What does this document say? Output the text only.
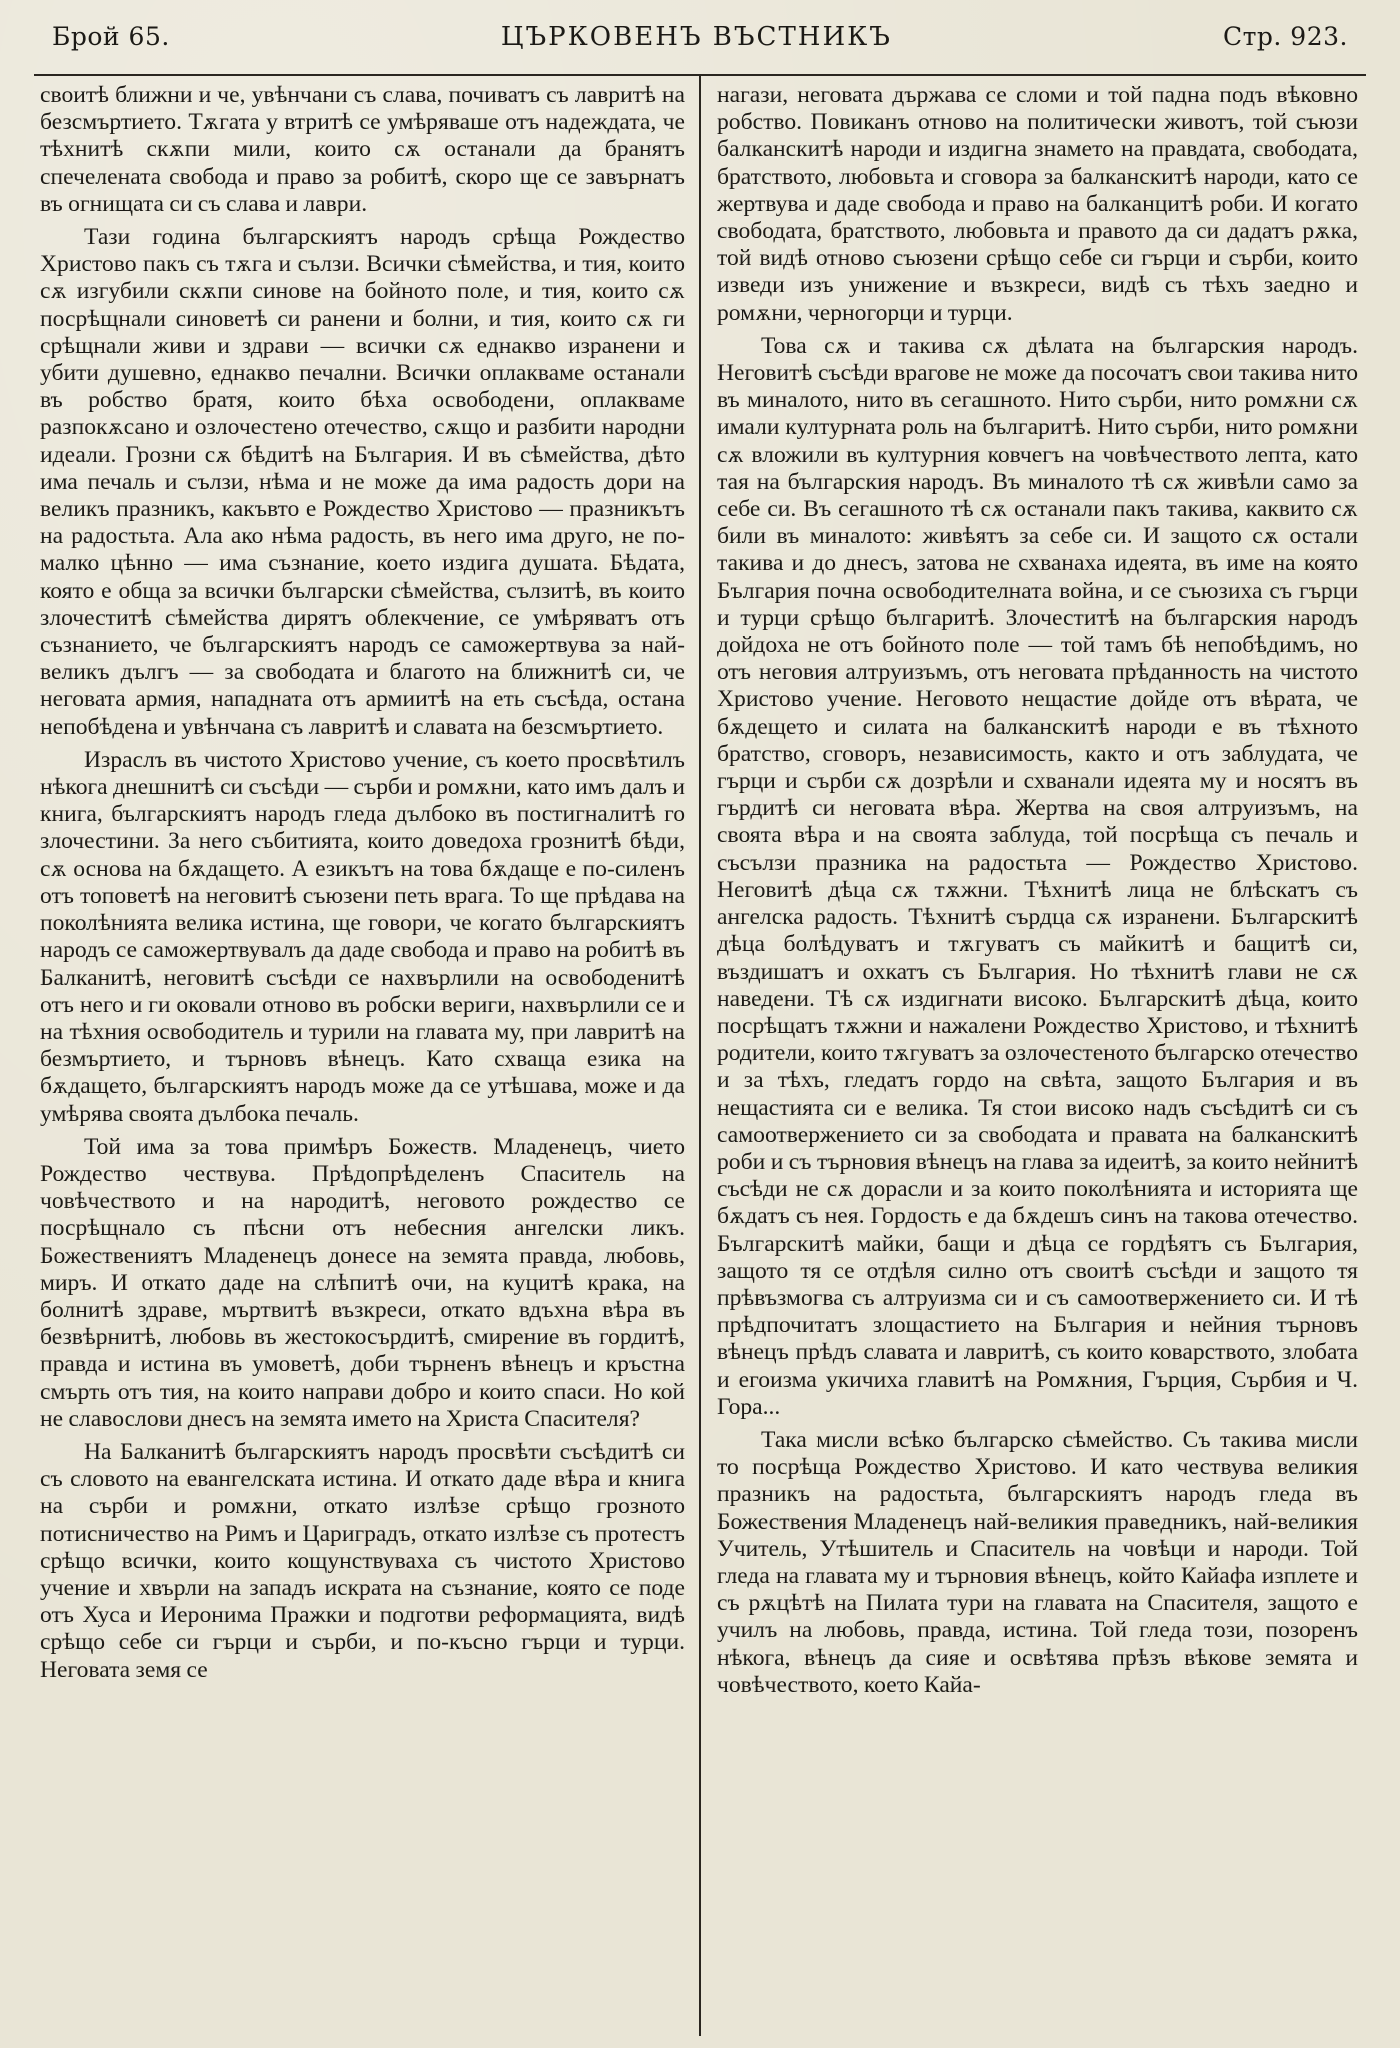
Брой 65.	ЦЪРКОВЕНЪ ВЪСТНИКЪ	Стр. 923.

своитѣ ближни и че, увѣнчани съ слава, почиватъ съ лавритѣ на безсмъртието. Тѫгата у втритѣ се умѣряваше отъ надеждата, че тѣхнитѣ скѫпи мили, които сѫ останали да бранятъ спечелената свобода и право за робитѣ, скоро ще се завърнатъ въ огнищата си съ слава и лаври.

Тази година българскиятъ народъ срѣща Рождество Христово пакъ съ тѫга и сълзи. Всички сѣмейства, и тия, които сѫ изгубили скѫпи синове на бойното поле, и тия, които сѫ посрѣщнали синоветѣ си ранени и болни, и тия, които сѫ ги срѣщнали живи и здрави — всички сѫ еднакво изранени и убити душевно, еднакво печални. Всички оплакваме останали въ робство братя, които бѣха освободени, оплакваме разпокѫсано и озлочестено отечество, сѫщо и разбити народни идеали. Грозни сѫ бѣдитѣ на България. И въ сѣмейства, дѣто има печаль и сълзи, нѣма и не може да има радость дори на великъ празникъ, какъвто е Рождество Христово — празникътъ на радостьта. Ала ако нѣма радость, въ него има друго, не по-малко цѣнно — има съзнание, което издига душата. Бѣдата, която е обща за всички български сѣмейства, сълзитѣ, въ които злочеститѣ сѣмейства дирятъ облекчение, се умѣряватъ отъ съзнанието, че българскиятъ народъ се саможертвува за най-великъ дългъ — за свободата и благото на ближнитѣ си, че неговата армия, нападната отъ армиитѣ на еть съсѣда, остана непобѣдена и увѣнчана съ лавритѣ и славата на безсмъртието.

Израслъ въ чистото Христово учение, съ което просвѣтилъ нѣкога днешнитѣ си съсѣди — сърби и ромѫни, като имъ далъ и книга, българскиятъ народъ гледа дълбоко въ постигналитѣ го злочестини. За него събитията, които доведоха грознитѣ бѣди, сѫ основа на бѫдащето. А езикътъ на това бѫдаще е по-силенъ отъ топоветѣ на неговитѣ съюзени петь врага. То ще прѣдава на поколѣнията велика истина, ще говори, че когато българскиятъ народъ се саможертвувалъ да даде свобода и право на робитѣ въ Балканитѣ, неговитѣ съсѣди се нахвърлили на освободенитѣ отъ него и ги оковали отново въ робски вериги, нахвърлили се и на тѣхния освободитель и турили на главата му, при лавритѣ на безмъртието, и търновъ вѣнецъ. Като схваща езика на бѫдащето, българскиятъ народъ може да се утѣшава, може и да умѣрява своята дълбока печаль.

Той има за това примѣръ Божеств. Младенецъ, чието Рождество чествува. Прѣдопрѣделенъ Спаситель на човѣчеството и на народитѣ, неговото рождество се посрѣщнало съ пѣсни отъ небесния ангелски ликъ. Божествениятъ Младенецъ донесе на земята правда, любовь, миръ. И откато даде на слѣпитѣ очи, на куцитѣ крака, на болнитѣ здраве, мъртвитѣ възкреси, откато вдъхна вѣра въ безвѣрнитѣ, любовь въ жестокосърдитѣ, смирение въ гордитѣ, правда и истина въ умоветѣ, доби търненъ вѣнецъ и кръстна смърть отъ тия, на които направи добро и които спаси. Но кой не славослови днесъ на земята името на Христа Спасителя?

На Балканитѣ българскиятъ народъ просвѣти съсѣдитѣ си съ словото на евангелската истина. И откато даде вѣра и книга на сърби и ромѫни, откато излѣзе срѣщо грозното потисничество на Римъ и Цариградъ, откато излѣзе съ протестъ срѣщо всички, които кощунствуваха съ чистото Христово учение и хвърли на западъ искрата на съзнание, която се поде отъ Хуса и Иеронима Пражки и подготви реформацията, видѣ срѣщо себе си гърци и сърби, и по-късно гърци и турци. Неговата земя се

нагази, неговата държава се сломи и той падна подъ вѣковно робство. Повиканъ отново на политически животъ, той съюзи балканскитѣ народи и издигна знамето на правдата, свободата, братството, любовьта и сговора за балканскитѣ народи, като се жертвува и даде свобода и право на балканцитѣ роби. И когато свободата, братството, любовьта и правото да си дадатъ рѫка, той видѣ отново съюзени срѣщо себе си гърци и сърби, които изведи изъ унижение и възкреси, видѣ съ тѣхъ заедно и ромѫни, черногорци и турци.

Това сѫ и такива сѫ дѣлата на българския народъ. Неговитѣ съсѣди врагове не може да посочатъ свои такива нито въ миналото, нито въ сегашното. Нито сърби, нито ромѫни сѫ имали културната роль на българитѣ. Нито сърби, нито ромѫни сѫ вложили въ културния ковчегъ на човѣчеството лепта, като тая на българския народъ. Въ миналото тѣ сѫ живѣли само за себе си. Въ сегашното тѣ сѫ останали пакъ такива, каквито сѫ били въ миналото: живѣятъ за себе си. И защото сѫ остали такива и до днесъ, затова не схванаха идеята, въ име на която България почна освободителната война, и се съюзиха съ гърци и турци срѣщо българитѣ. Злочеститѣ на българския народъ дойдоха не отъ бойното поле — той тамъ бѣ непобѣдимъ, но отъ неговия алтруизъмъ, отъ неговата прѣданность на чистото Христово учение. Неговото нещастие дойде отъ вѣрата, че бѫдещето и силата на балканскитѣ народи е въ тѣхното братство, сговоръ, независимость, както и отъ заблудата, че гърци и сърби сѫ дозрѣли и схванали идеята му и носятъ въ гърдитѣ си неговата вѣра. Жертва на своя алтруизъмъ, на своята вѣра и на своята заблуда, той посрѣща съ печаль и съсълзи празника на радостьта — Рождество Христово. Неговитѣ дѣца сѫ тѫжни. Тѣхнитѣ лица не блѣскатъ съ ангелска радость. Тѣхнитѣ сърдца сѫ изранени. Българскитѣ дѣца болѣдуватъ и тѫгуватъ съ майкитѣ и бащитѣ си, въздишатъ и охкатъ съ България. Но тѣхнитѣ глави не сѫ наведени. Тѣ сѫ издигнати високо. Българскитѣ дѣца, които посрѣщатъ тѫжни и нажалени Рождество Христово, и тѣхнитѣ родители, които тѫгуватъ за озлочестеното българско отечество и за тѣхъ, гледатъ гордо на свѣта, защото България и въ нещастията си е велика. Тя стои високо надъ съсѣдитѣ си съ самоотвержението си за свободата и правата на балканскитѣ роби и съ търновия вѣнецъ на глава за идеитѣ, за които нейнитѣ съсѣди не сѫ дорасли и за които поколѣнията и историята ще бѫдатъ съ нея. Гордость е да бѫдешъ синъ на такова отечество. Българскитѣ майки, бащи и дѣца се гордѣятъ съ България, защото тя се отдѣля силно отъ своитѣ съсѣди и защото тя прѣвъзмогва съ алтруизма си и съ самоотвержението си. И тѣ прѣдпочитатъ злощастието на България и нейния търновъ вѣнецъ прѣдъ славата и лавритѣ, съ които коварството, злобата и егоизма укичиха главитѣ на Ромѫния, Гърция, Сърбия и Ч. Гора...

Така мисли всѣко българско сѣмейство. Съ такива мисли то посрѣща Рождество Христово. И като чествува великия празникъ на радостьта, българскиятъ народъ гледа въ Божествения Младенецъ най-великия праведникъ, най-великия Учитель, Утѣшитель и Спаситель на човѣци и народи. Той гледа на главата му и търновия вѣнецъ, който Кайафа изплете и съ рѫцѣтѣ на Пилата тури на главата на Спасителя, защото е училъ на любовь, правда, истина. Той гледа този, позоренъ нѣкога, вѣнецъ да сияе и освѣтява прѣзъ вѣкове земята и човѣчеството, което Кайа-
